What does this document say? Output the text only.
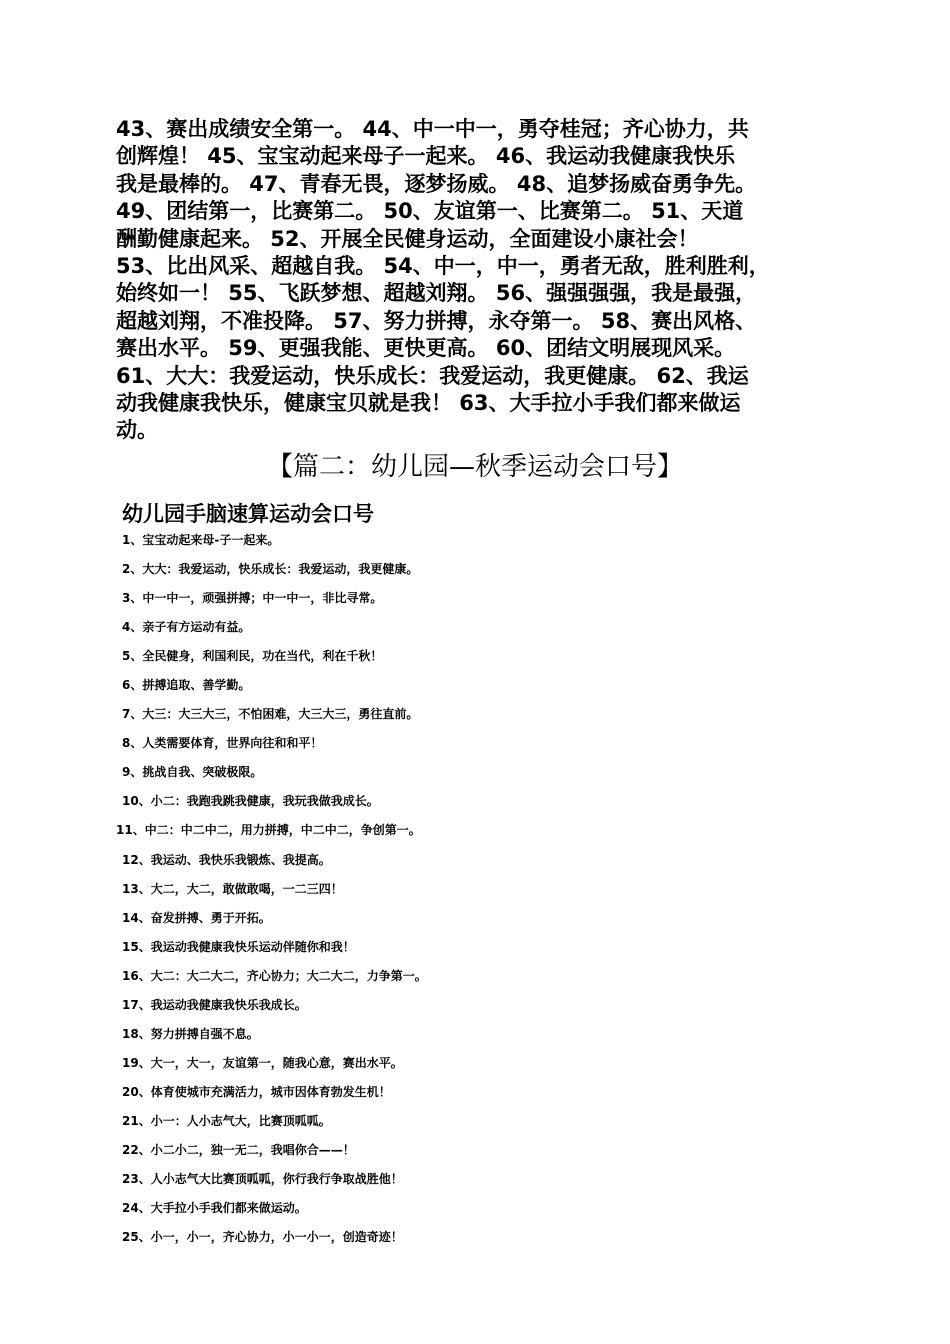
43、赛出成绩安全第一。 44、中一中一，勇夺桂冠；齐心协力，共
创辉煌！ 45、宝宝动起来母子一起来。 46、我运动我健康我快乐
我是最棒的。 47、青春无畏，逐梦扬威。 48、追梦扬威奋勇争先。
49、团结第一，比赛第二。 50、友谊第一、比赛第二。 51、天道
酬勤健康起来。 52、开展全民健身运动，全面建设小康社会！
53、比出风采、超越自我。 54、中一，中一，勇者无敌，胜利胜利，
始终如一！ 55、飞跃梦想、超越刘翔。 56、强强强强，我是最强，
超越刘翔，不准投降。 57、努力拼搏，永夺第一。 58、赛出风格、
赛出水平。 59、更强我能、更快更高。 60、团结文明展现风采。
61、大大：我爱运动，快乐成长：我爱运动，我更健康。 62、我运
动我健康我快乐，健康宝贝就是我！ 63、大手拉小手我们都来做运
动。

【篇二：幼儿园—秋季运动会口号】
幼儿园手脑速算运动会口号
1、宝宝动起来母-子一起来。
2、大大：我爱运动，快乐成长：我爱运动，我更健康。
3、中一中一，顽强拼搏；中一中一，非比寻常。
4、亲子有方运动有益。
5、全民健身，利国利民，功在当代，利在千秋！
6、拼搏追取、善学勤。
7、大三：大三大三，不怕困难，大三大三，勇往直前。
8、人类需要体育，世界向往和和平！
9、挑战自我、突破极限。
10、小二：我跑我跳我健康，我玩我做我成长。
11、中二：中二中二，用力拼搏，中二中二，争创第一。
12、我运动、我快乐我锻炼、我提高。
13、大二，大二，敢做敢喝，一二三四！
14、奋发拼搏、勇于开拓。
15、我运动我健康我快乐运动伴随你和我！
16、大二：大二大二，齐心协力；大二大二，力争第一。
17、我运动我健康我快乐我成长。
18、努力拼搏自强不息。
19、大一，大一，友谊第一，随我心意，赛出水平。
20、体育使城市充满活力，城市因体育勃发生机！
21、小一：人小志气大，比赛顶呱呱。
22、小二小二，独一无二，我唱你合——！
23、人小志气大比赛顶呱呱，你行我行争取战胜他！
24、大手拉小手我们都来做运动。
25、小一，小一，齐心协力，小一小一，创造奇迹！
